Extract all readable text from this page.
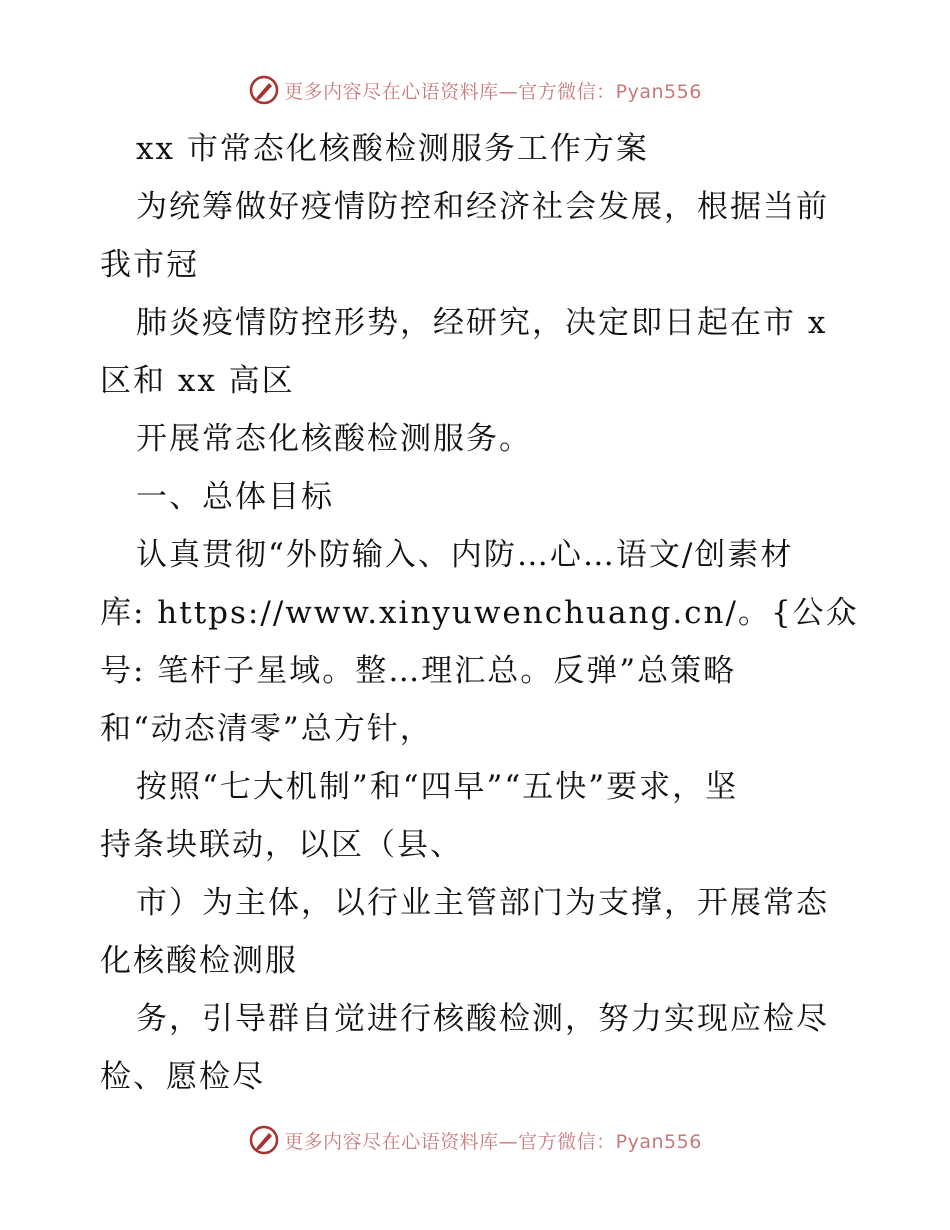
更多内容尽在心语资料库—官方微信：Pyan556
xx 市常态化核酸检测服务工作方案
为统筹做好疫情防控和经济社会发展，根据当前
我市冠
肺炎疫情防控形势，经研究，决定即日起在市 x
区和 xx 高区
开展常态化核酸检测服务。
一、总体目标
认真贯彻“外防输入、内防…心…语文/创素材
库: https://www.xinyuwenchuang.cn/。{公众
号: 笔杆子星域。整…理汇总。反弹”总策略
和“动态清零”总方针，
按照“七大机制”和“四早”“五快”要求，坚
持条块联动，以区（县、
市）为主体，以行业主管部门为支撑，开展常态
化核酸检测服
务，引导群自觉进行核酸检测，努力实现应检尽
检、愿检尽
更多内容尽在心语资料库—官方微信：Pyan556
